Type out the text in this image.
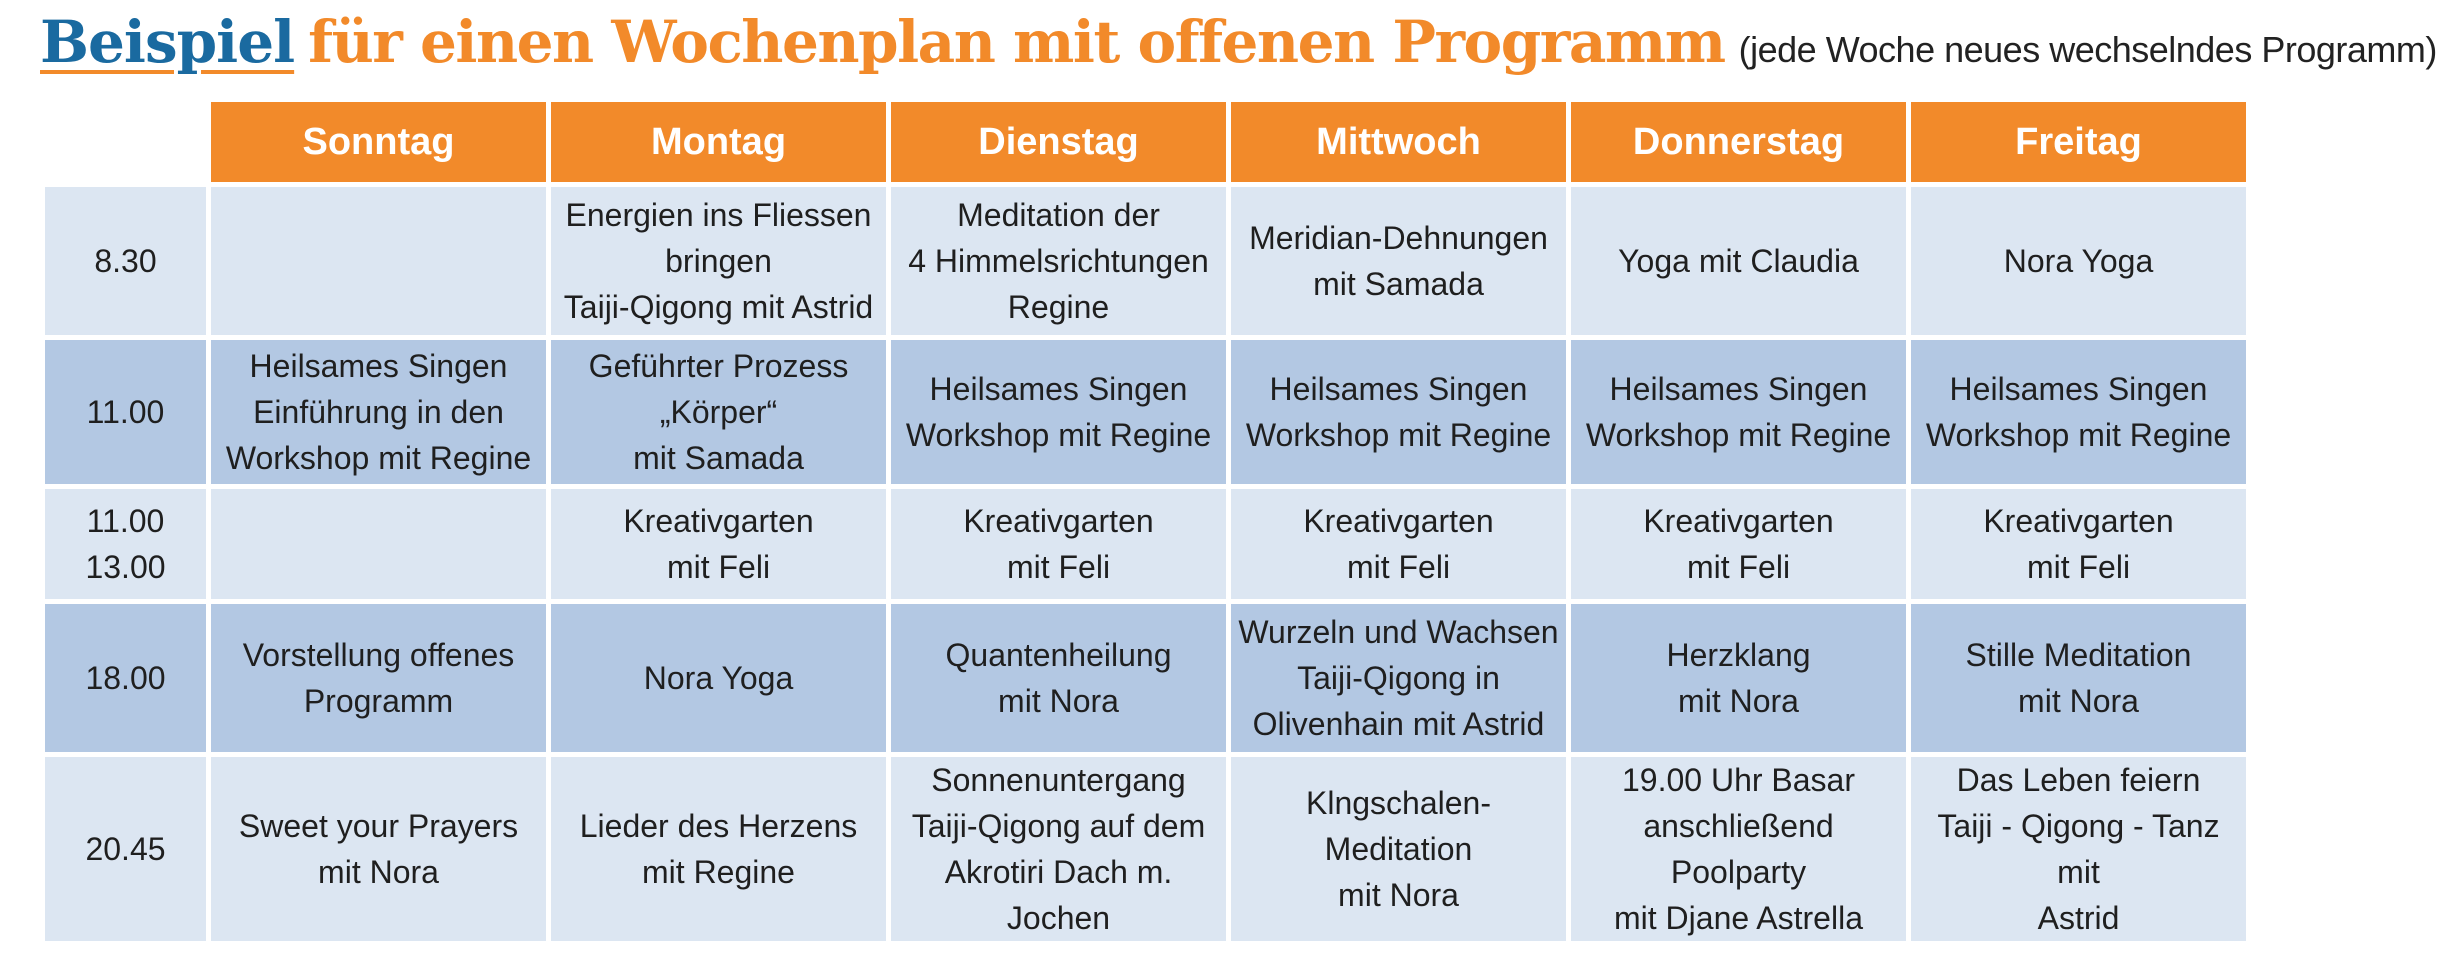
Beispiel für einen Wochenplan mit offenen Programm (jede Woche neues wechselndes Programm)
	Sonntag	Montag	Dienstag	Mittwoch	Donnerstag	Freitag
8.30		Energien ins Fliessen
bringen
Taiji-Qigong mit Astrid	Meditation der
4 Himmelsrichtungen
Regine	Meridian-Dehnungen
mit Samada	Yoga mit Claudia	Nora Yoga
11.00	Heilsames Singen
Einführung in den
Workshop mit Regine	Geführter Prozess
„Körper“
mit Samada	Heilsames Singen
Workshop mit Regine	Heilsames Singen
Workshop mit Regine	Heilsames Singen
Workshop mit Regine	Heilsames Singen
Workshop mit Regine
11.00
13.00		Kreativgarten
mit Feli	Kreativgarten
mit Feli	Kreativgarten
mit Feli	Kreativgarten
mit Feli	Kreativgarten
mit Feli
18.00	Vorstellung offenes
Programm	Nora Yoga	Quantenheilung
mit Nora	Wurzeln und Wachsen
Taiji-Qigong in
Olivenhain mit Astrid	Herzklang
mit Nora	Stille Meditation
mit Nora
20.45	Sweet your Prayers
mit Nora	Lieder des Herzens
mit Regine	Sonnenuntergang
Taiji-Qigong auf dem
Akrotiri Dach m. Jochen	Klngschalen-
Meditation
mit Nora	19.00 Uhr Basar
anschließend Poolparty
mit Djane Astrella	Das Leben feiern
Taiji - Qigong - Tanz mit
Astrid
